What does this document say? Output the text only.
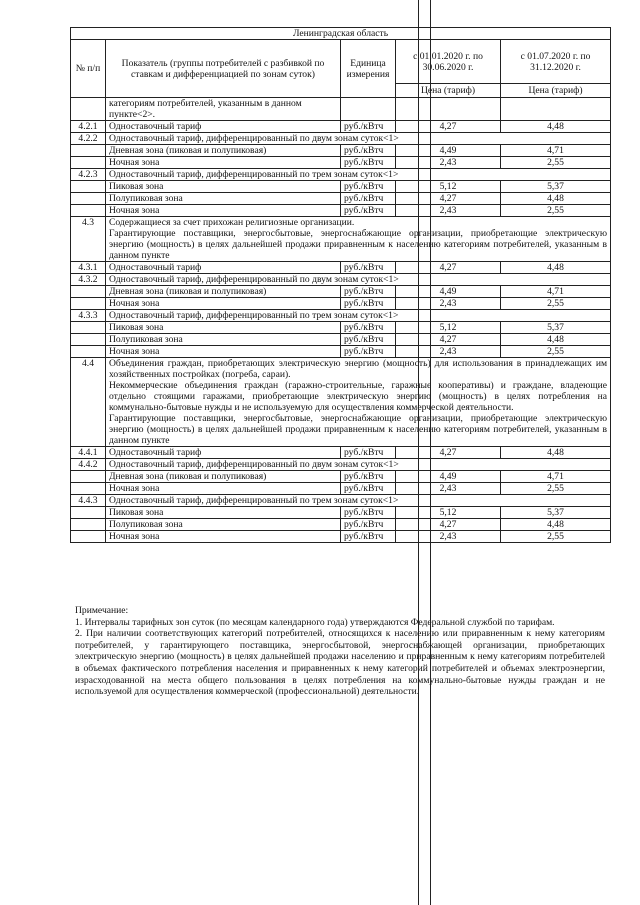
Ленинградская область				
№ п/п	Показатель (группы потребителей с разбивкой по ставкам и дифференциацией по зонам суток)	Единица измерения	с 01.01.2020 г. по 30.06.2020 г.	с 01.07.2020 г. по 31.12.2020 г.
			Цена (тариф)	Цена (тариф)
	категориям потребителей, указанным в данном пункте<2>.			
4.2.1	Одноставочный тариф	руб./кВтч	4,27	4,48
4.2.2	Одноставочный тариф, дифференцированный по двум зонам суток<1>			

	Дневная зона (пиковая и полупиковая)	руб./кВтч	4,49	4,71
	Ночная зона	руб./кВтч	2,43	2,55
4.2.3	Одноставочный тариф, дифференцированный по трем зонам суток<1>			

	Пиковая зона	руб./кВтч	5,12	5,37
	Полупиковая зона	руб./кВтч	4,27	4,48
	Ночная зона	руб./кВтч	2,43	2,55
4.3	Содержащиеся за счет прихожан религиозные организации.
Гарантирующие поставщики, энергосбытовые, энергоснабжающие организации, приобретающие электрическую энергию (мощность) в целях дальнейшей продажи приравненным к населению категориям потребителей, указанным в данном пункте			

4.3.1	Одноставочный тариф	руб./кВтч	4,27	4,48
4.3.2	Одноставочный тариф, дифференцированный по двум зонам суток<1>			

	Дневная зона (пиковая и полупиковая)	руб./кВтч	4,49	4,71
	Ночная зона	руб./кВтч	2,43	2,55
4.3.3	Одноставочный тариф, дифференцированный по трем зонам суток<1>			

	Пиковая зона	руб./кВтч	5,12	5,37
	Полупиковая зона	руб./кВтч	4,27	4,48
	Ночная зона	руб./кВтч	2,43	2,55
4.4	Объединения граждан, приобретающих электрическую энергию (мощность) для использования в принадлежащих им хозяйственных постройках (погреба, сараи).
Некоммерческие объединения граждан (гаражно-строительные, гаражные кооперативы) и граждане, владеющие отдельно стоящими гаражами, приобретающие электрическую энергию (мощность) в целях потребления на коммунально-бытовые нужды и не используемую для осуществления коммерческой деятельности.
Гарантирующие поставщики, энергосбытовые, энергоснабжающие организации, приобретающие электрическую энергию (мощность) в целях дальнейшей продажи приравненным к населению категориям потребителей, указанным в данном пункте			

4.4.1	Одноставочный тариф	руб./кВтч	4,27	4,48
4.4.2	Одноставочный тариф, дифференцированный по двум зонам суток<1>			

	Дневная зона (пиковая и полупиковая)	руб./кВтч	4,49	4,71
	Ночная зона	руб./кВтч	2,43	2,55
4.4.3	Одноставочный тариф, дифференцированный по трем зонам суток<1>			

	Пиковая зона	руб./кВтч	5,12	5,37
	Полупиковая зона	руб./кВтч	4,27	4,48
	Ночная зона	руб./кВтч	2,43	2,55

Примечание:

1. Интервалы тарифных зон суток (по месяцам календарного года) утверждаются Федеральной службой по тарифам.

2. При наличии соответствующих категорий потребителей, относящихся к населению или приравненным к нему категориям потребителей, у гарантирующего поставщика, энергосбытовой, энергоснабжающей организации, приобретающих электрическую энергию (мощность) в целях дальнейшей продажи населению и приравненным к нему категориям потребителей в объемах фактического потребления населения и приравненных к нему категорий потребителей и объемах электроэнергии, израсходованной на места общего пользования в целях потребления на коммунально-бытовые нужды граждан и не используемой для осуществления коммерческой (профессиональной) деятельности.
